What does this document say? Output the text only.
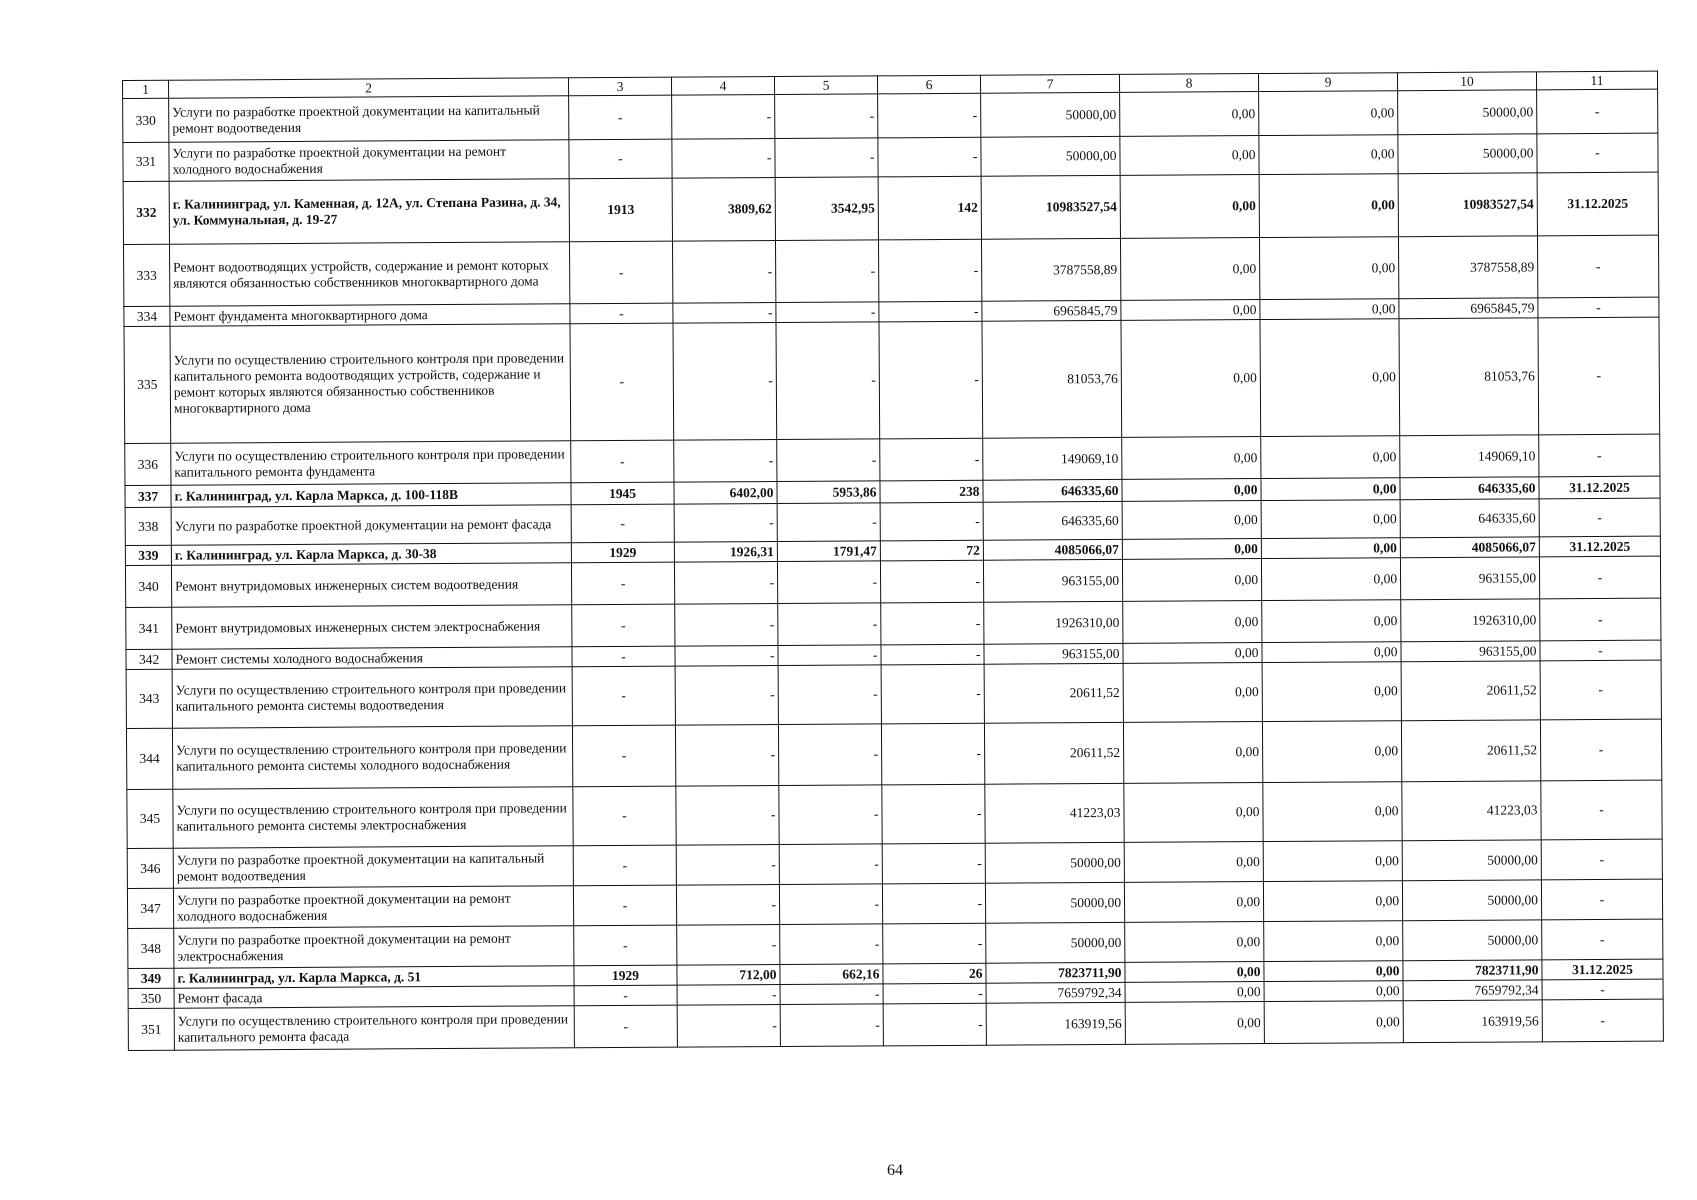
1	2	3	4	5	6	7	8	9	10	11
330	Услуги по разработке проектной документации на капитальный ремонт водоотведения	-	-	-	-	50000,00	0,00	0,00	50000,00	-
331	Услуги по разработке проектной документации на ремонт холодного водоснабжения	-	-	-	-	50000,00	0,00	0,00	50000,00	-
332	г. Калининград, ул. Каменная, д. 12А, ул. Степана Разина, д. 34, ул. Коммунальная, д. 19-27	1913	3809,62	3542,95	142	10983527,54	0,00	0,00	10983527,54	31.12.2025
333	Ремонт водоотводящих устройств, содержание и ремонт которых являются обязанностью собственников многоквартирного дома	-	-	-	-	3787558,89	0,00	0,00	3787558,89	-
334	Ремонт фундамента многоквартирного дома	-	-	-	-	6965845,79	0,00	0,00	6965845,79	-
335	Услуги по осуществлению строительного контроля при проведении капитального ремонта водоотводящих устройств, содержание и ремонт которых являются обязанностью собственников многоквартирного дома	-	-	-	-	81053,76	0,00	0,00	81053,76	-
336	Услуги по осуществлению строительного контроля при проведении капитального ремонта фундамента	-	-	-	-	149069,10	0,00	0,00	149069,10	-
337	г. Калининград, ул. Карла Маркса, д. 100-118В	1945	6402,00	5953,86	238	646335,60	0,00	0,00	646335,60	31.12.2025
338	Услуги по разработке проектной документации на ремонт фасада	-	-	-	-	646335,60	0,00	0,00	646335,60	-
339	г. Калининград, ул. Карла Маркса, д. 30-38	1929	1926,31	1791,47	72	4085066,07	0,00	0,00	4085066,07	31.12.2025
340	Ремонт внутридомовых инженерных систем водоотведения	-	-	-	-	963155,00	0,00	0,00	963155,00	-
341	Ремонт внутридомовых инженерных систем электроснабжения	-	-	-	-	1926310,00	0,00	0,00	1926310,00	-
342	Ремонт системы холодного водоснабжения	-	-	-	-	963155,00	0,00	0,00	963155,00	-
343	Услуги по осуществлению строительного контроля при проведении капитального ремонта системы водоотведения	-	-	-	-	20611,52	0,00	0,00	20611,52	-
344	Услуги по осуществлению строительного контроля при проведении капитального ремонта системы холодного водоснабжения	-	-	-	-	20611,52	0,00	0,00	20611,52	-
345	Услуги по осуществлению строительного контроля при проведении капитального ремонта системы электроснабжения	-	-	-	-	41223,03	0,00	0,00	41223,03	-
346	Услуги по разработке проектной документации на капитальный ремонт водоотведения	-	-	-	-	50000,00	0,00	0,00	50000,00	-
347	Услуги по разработке проектной документации на ремонт холодного водоснабжения	-	-	-	-	50000,00	0,00	0,00	50000,00	-
348	Услуги по разработке проектной документации на ремонт электроснабжения	-	-	-	-	50000,00	0,00	0,00	50000,00	-
349	г. Калининград, ул. Карла Маркса, д. 51	1929	712,00	662,16	26	7823711,90	0,00	0,00	7823711,90	31.12.2025
350	Ремонт фасада	-	-	-	-	7659792,34	0,00	0,00	7659792,34	-
351	Услуги по осуществлению строительного контроля при проведении капитального ремонта фасада	-	-	-	-	163919,56	0,00	0,00	163919,56	-
64
